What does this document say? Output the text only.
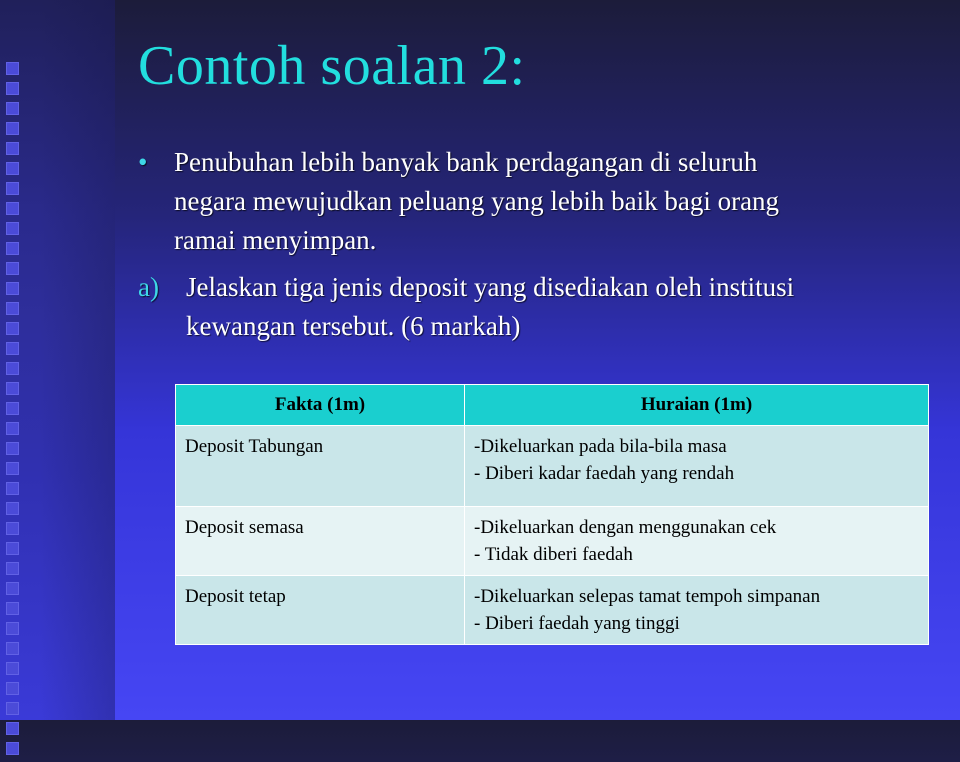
Contoh soalan 2:
• Penubuhan lebih banyak bank perdagangan di seluruh
negara mewujudkan peluang yang lebih baik bagi orang
ramai menyimpan.
a)	Jelaskan tiga jenis deposit yang disediakan oleh institusi
kewangan tersebut. (6 markah)
Fakta (1m)	Huraian (1m)
Deposit Tabungan	-Dikeluarkan pada bila-bila masa
- Diberi kadar faedah yang rendah

Deposit semasa	-Dikeluarkan dengan menggunakan cek
- Tidak diberi faedah

Deposit tetap	-Dikeluarkan selepas tamat tempoh simpanan
- Diberi faedah yang tinggi
